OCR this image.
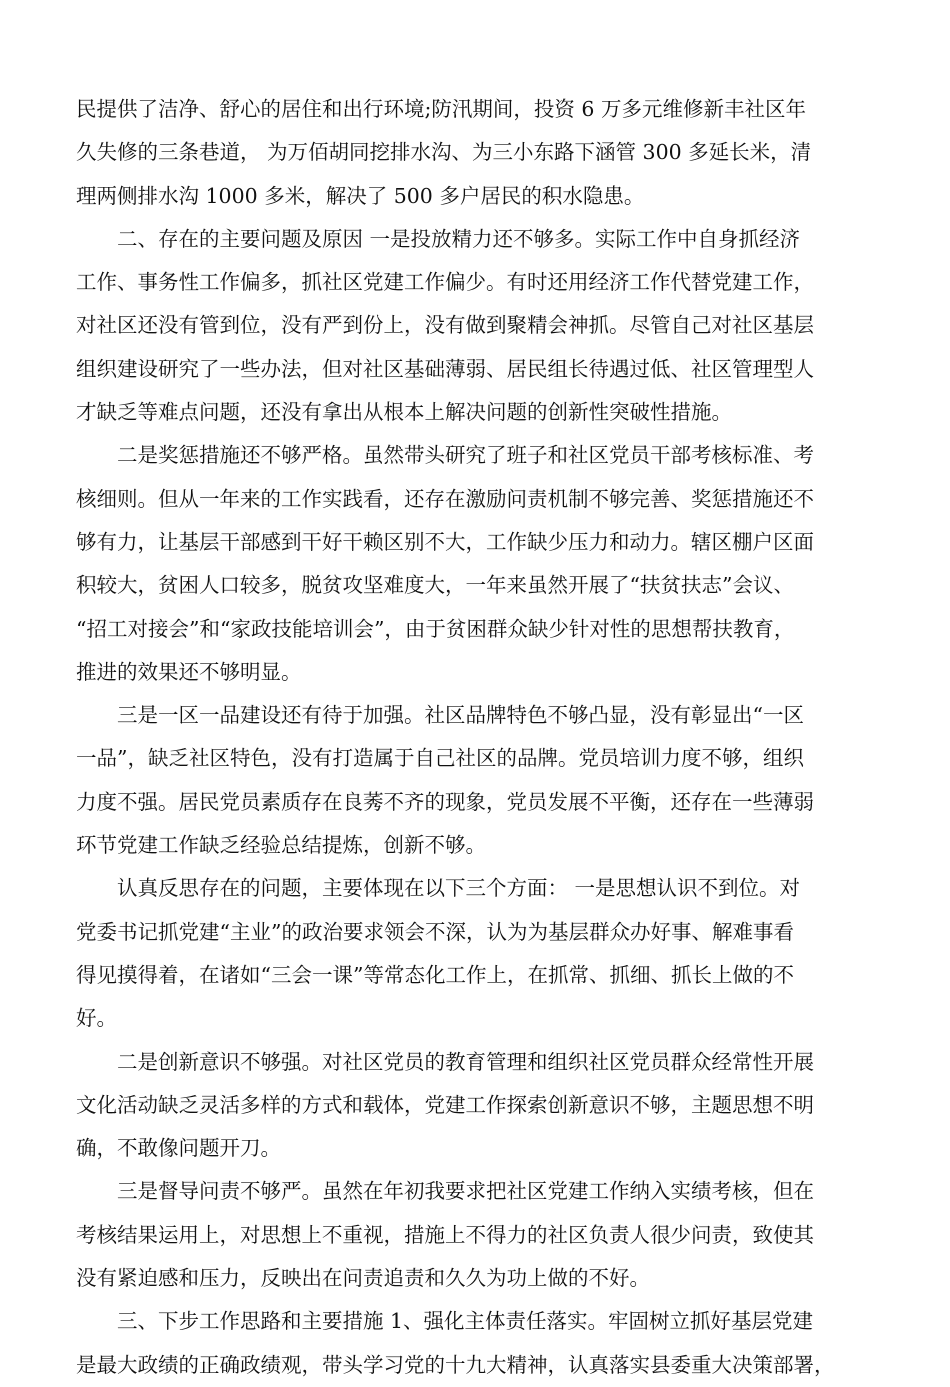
民提供了洁净、舒心的居住和出行环境;防汛期间，投资 6 万多元维修新丰社区年
久失修的三条巷道， 为万佰胡同挖排水沟、为三小东路下涵管 300 多延长米，清
理两侧排水沟 1000 多米，解决了 500 多户居民的积水隐患。
二、存在的主要问题及原因 一是投放精力还不够多。实际工作中自身抓经济
工作、事务性工作偏多，抓社区党建工作偏少。有时还用经济工作代替党建工作，
对社区还没有管到位，没有严到份上，没有做到聚精会神抓。尽管自己对社区基层
组织建设研究了一些办法，但对社区基础薄弱、居民组长待遇过低、社区管理型人
才缺乏等难点问题，还没有拿出从根本上解决问题的创新性突破性措施。
二是奖惩措施还不够严格。虽然带头研究了班子和社区党员干部考核标准、考
核细则。但从一年来的工作实践看，还存在激励问责机制不够完善、奖惩措施还不
够有力，让基层干部感到干好干赖区别不大，工作缺少压力和动力。辖区棚户区面
积较大，贫困人口较多，脱贫攻坚难度大，一年来虽然开展了“扶贫扶志”会议、
“招工对接会”和“家政技能培训会”，由于贫困群众缺少针对性的思想帮扶教育，
推进的效果还不够明显。
三是一区一品建设还有待于加强。社区品牌特色不够凸显，没有彰显出“一区
一品”，缺乏社区特色，没有打造属于自己社区的品牌。党员培训力度不够，组织
力度不强。居民党员素质存在良莠不齐的现象，党员发展不平衡，还存在一些薄弱
环节党建工作缺乏经验总结提炼，创新不够。
认真反思存在的问题，主要体现在以下三个方面： 一是思想认识不到位。对
党委书记抓党建“主业”的政治要求领会不深，认为为基层群众办好事、解难事看
得见摸得着，在诸如“三会一课”等常态化工作上，在抓常、抓细、抓长上做的不
好。
二是创新意识不够强。对社区党员的教育管理和组织社区党员群众经常性开展
文化活动缺乏灵活多样的方式和载体，党建工作探索创新意识不够，主题思想不明
确，不敢像问题开刀。
三是督导问责不够严。虽然在年初我要求把社区党建工作纳入实绩考核，但在
考核结果运用上，对思想上不重视，措施上不得力的社区负责人很少问责，致使其
没有紧迫感和压力，反映出在问责追责和久久为功上做的不好。
三、下步工作思路和主要措施 1、强化主体责任落实。牢固树立抓好基层党建
是最大政绩的正确政绩观，带头学习党的十九大精神，认真落实县委重大决策部署，
